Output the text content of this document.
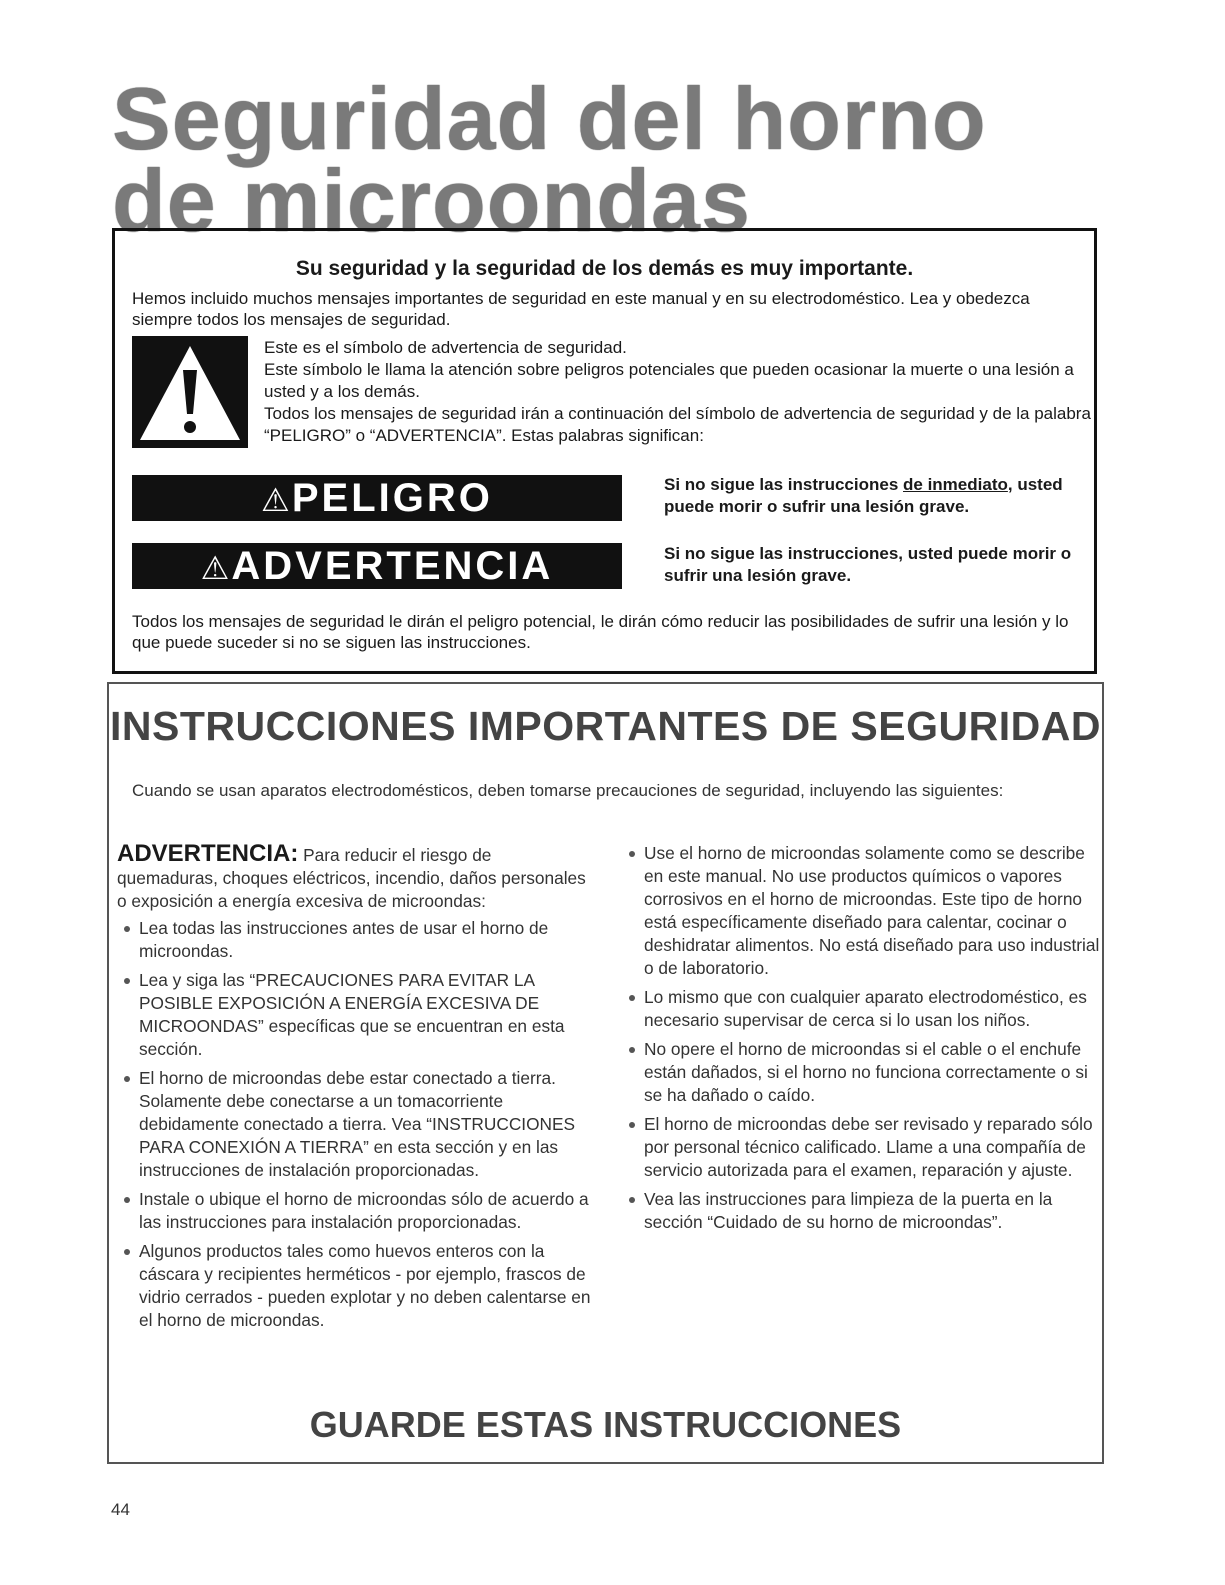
Seguridad del horno de microondas
Su seguridad y la seguridad de los demás es muy importante.

Hemos incluido muchos mensajes importantes de seguridad en este manual y en su electrodoméstico. Lea y obedezca siempre todos los mensajes de seguridad.

Este es el símbolo de advertencia de seguridad.

Este símbolo le llama la atención sobre peligros potenciales que pueden ocasionar la muerte o una lesión a usted y a los demás.

Todos los mensajes de seguridad irán a continuación del símbolo de advertencia de seguridad y de la palabra “PELIGRO” o “ADVERTENCIA”. Estas palabras significan:

⚠PELIGRO	Si no sigue las instrucciones de inmediato, usted puede morir o sufrir una lesión grave.

⚠ADVERTENCIA	Si no sigue las instrucciones, usted puede morir o sufrir una lesión grave.

Todos los mensajes de seguridad le dirán el peligro potencial, le dirán cómo reducir las posibilidades de sufrir una lesión y lo que puede suceder si no se siguen las instrucciones.

INSTRUCCIONES IMPORTANTES DE SEGURIDAD

Cuando se usan aparatos electrodomésticos, deben tomarse precauciones de seguridad, incluyendo las siguientes:

ADVERTENCIA: Para reducir el riesgo de quemaduras, choques eléctricos, incendio, daños personales o exposición a energía excesiva de microondas:

Lea todas las instrucciones antes de usar el horno de microondas.
Lea y siga las “PRECAUCIONES PARA EVITAR LA POSIBLE EXPOSICIÓN A ENERGÍA EXCESIVA DE MICROONDAS” específicas que se encuentran en esta sección.
El horno de microondas debe estar conectado a tierra. Solamente debe conectarse a un tomacorriente debidamente conectado a tierra. Vea “INSTRUCCIONES PARA CONEXIÓN A TIERRA” en esta sección y en las instrucciones de instalación proporcionadas.
Instale o ubique el horno de microondas sólo de acuerdo a las instrucciones para instalación proporcionadas.
Algunos productos tales como huevos enteros con la cáscara y recipientes herméticos - por ejemplo, frascos de vidrio cerrados - pueden explotar y no deben calentarse en el horno de microondas.
Use el horno de microondas solamente como se describe en este manual. No use productos químicos o vapores corrosivos en el horno de microondas. Este tipo de horno está específicamente diseñado para calentar, cocinar o deshidratar alimentos. No está diseñado para uso industrial o de laboratorio.
Lo mismo que con cualquier aparato electrodoméstico, es necesario supervisar de cerca si lo usan los niños.
No opere el horno de microondas si el cable o el enchufe están dañados, si el horno no funciona correctamente o si se ha dañado o caído.
El horno de microondas debe ser revisado y reparado sólo por personal técnico calificado. Llame a una compañía de servicio autorizada para el examen, reparación y ajuste.
Vea las instrucciones para limpieza de la puerta en la sección “Cuidado de su horno de microondas”.
GUARDE ESTAS INSTRUCCIONES
44
